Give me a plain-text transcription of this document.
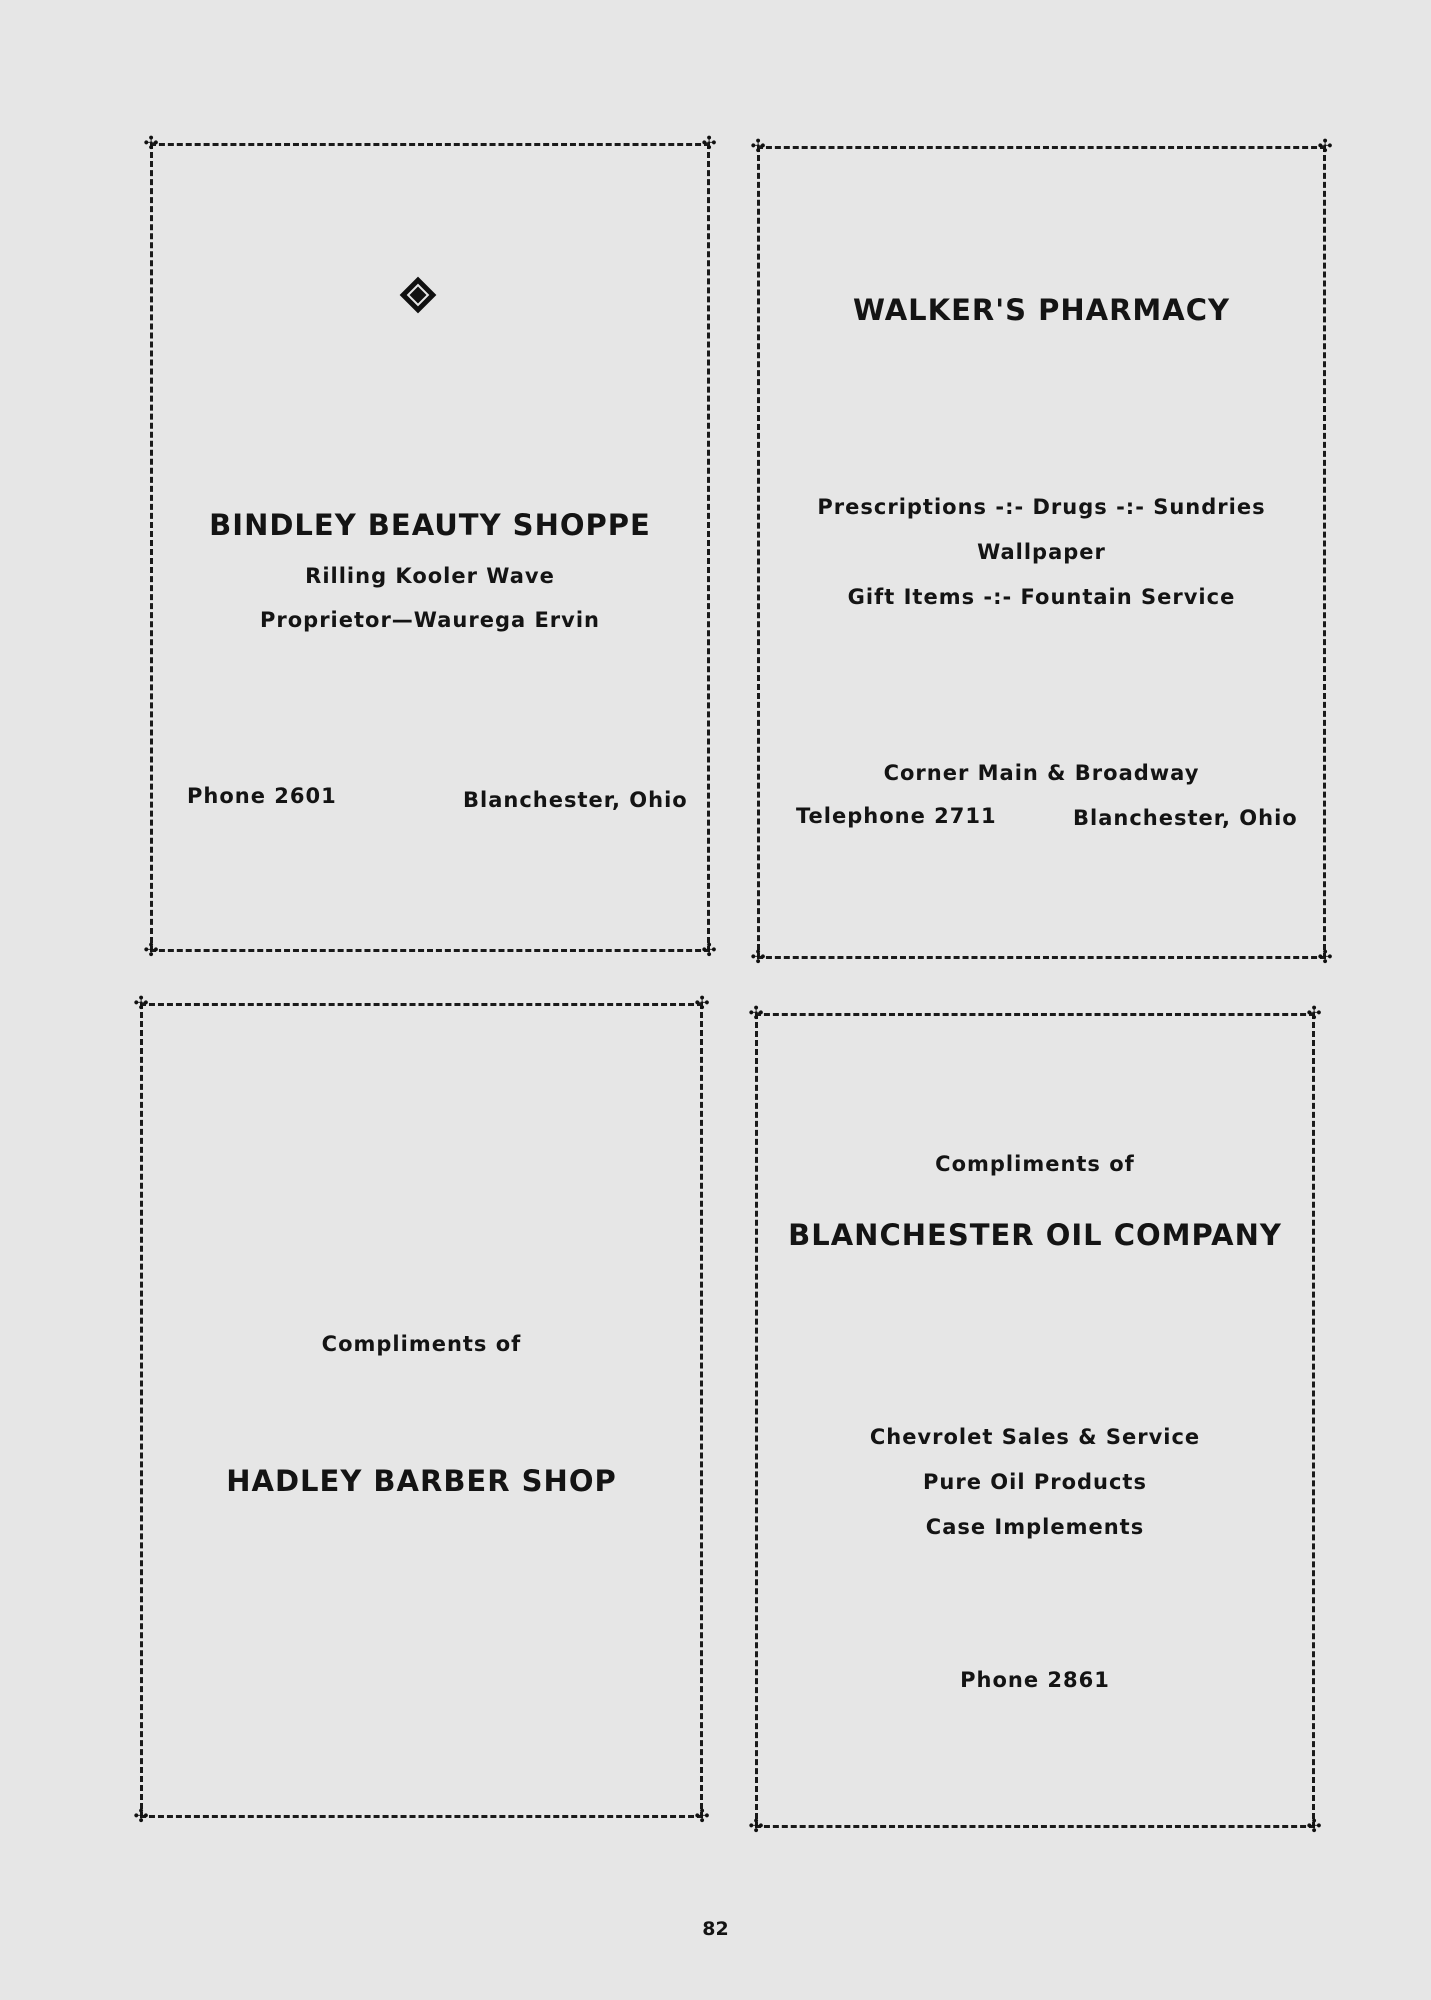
✣	✣
✣	✣
BINDLEY BEAUTY SHOPPE
Rilling Kooler Wave
Proprietor—Waurega Ervin
Phone 2601	Blanchester, Ohio
✣	✣
✣	✣
WALKER'S PHARMACY
Prescriptions -:- Drugs -:- Sundries
Wallpaper
Gift Items -:- Fountain Service
Corner Main & Broadway
Telephone 2711	Blanchester, Ohio
✣	✣
✣	✣
Compliments of
HADLEY BARBER SHOP
✣	✣
✣	✣
Compliments of
BLANCHESTER OIL COMPANY
Chevrolet Sales & Service
Pure Oil Products
Case Implements
Phone 2861
82
